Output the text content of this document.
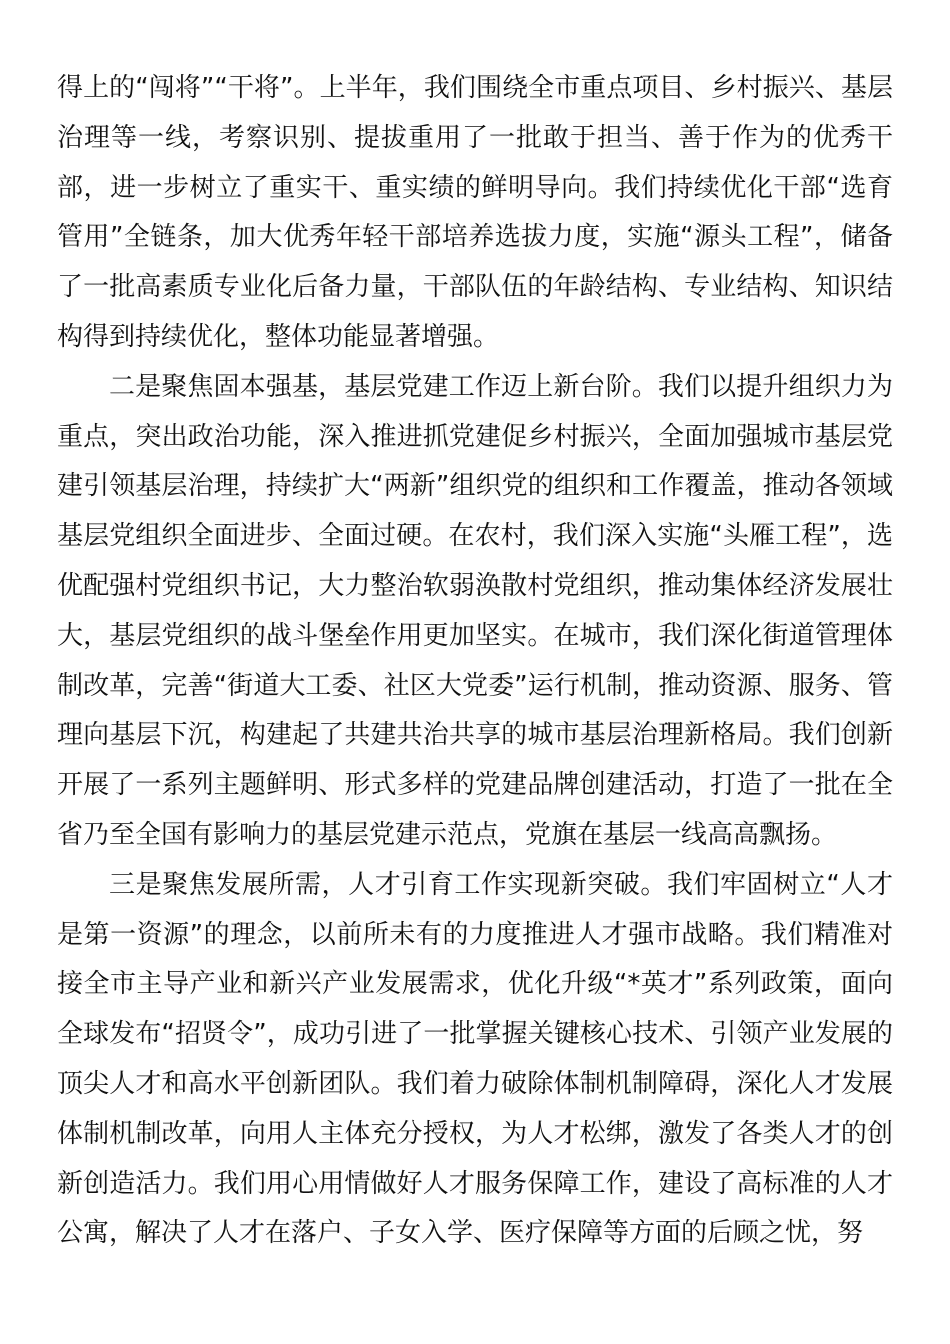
得上的“闯将”“干将”。上半年，我们围绕全市重点项目、乡村振兴、基层治理等一线，考察识别、提拔重用了一批敢于担当、善于作为的优秀干部，进一步树立了重实干、重实绩的鲜明导向。我们持续优化干部“选育管用”全链条，加大优秀年轻干部培养选拔力度，实施“源头工程”，储备了一批高素质专业化后备力量，干部队伍的年龄结构、专业结构、知识结构得到持续优化，整体功能显著增强。

二是聚焦固本强基，基层党建工作迈上新台阶。我们以提升组织力为重点，突出政治功能，深入推进抓党建促乡村振兴，全面加强城市基层党建引领基层治理，持续扩大“两新”组织党的组织和工作覆盖，推动各领域基层党组织全面进步、全面过硬。在农村，我们深入实施“头雁工程”，选优配强村党组织书记，大力整治软弱涣散村党组织，推动集体经济发展壮大，基层党组织的战斗堡垒作用更加坚实。在城市，我们深化街道管理体制改革，完善“街道大工委、社区大党委”运行机制，推动资源、服务、管理向基层下沉，构建起了共建共治共享的城市基层治理新格局。我们创新开展了一系列主题鲜明、形式多样的党建品牌创建活动，打造了一批在全省乃至全国有影响力的基层党建示范点，党旗在基层一线高高飘扬。

三是聚焦发展所需，人才引育工作实现新突破。我们牢固树立“人才是第一资源”的理念，以前所未有的力度推进人才强市战略。我们精准对接全市主导产业和新兴产业发展需求，优化升级“*英才”系列政策，面向全球发布“招贤令”，成功引进了一批掌握关键核心技术、引领产业发展的顶尖人才和高水平创新团队。我们着力破除体制机制障碍，深化人才发展体制机制改革，向用人主体充分授权，为人才松绑，激发了各类人才的创新创造活力。我们用心用情做好人才服务保障工作，建设了高标准的人才公寓，解决了人才在落户、子女入学、医疗保障等方面的后顾之忧，努
